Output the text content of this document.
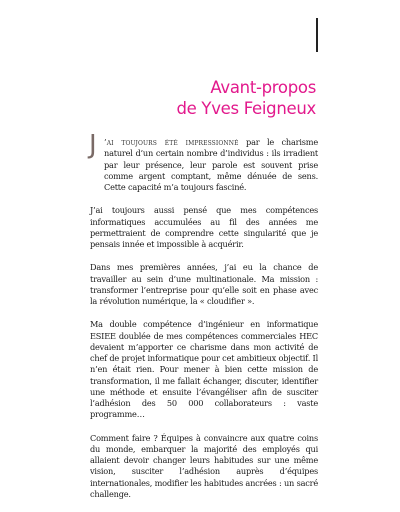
Avant-propos
de Yves Feigneux

J ’ai toujours été impressionné par le charisme naturel d’un certain nombre d’individus : ils irradient par leur présence, leur parole est souvent prise comme argent comptant, même dénuée de sens. Cette capacité m’a toujours fasciné.

J’ai toujours aussi pensé que mes compétences informatiques accumulées au fil des années me permettraient de comprendre cette singularité que je pensais innée et impossible à acquérir.

Dans mes premières années, j’ai eu la chance de travailler au sein d’une multinationale. Ma mission : transformer l’entreprise pour qu’elle soit en phase avec la révolution numérique, la « cloudifier ».

Ma double compétence d’ingénieur en informatique ESIEE doublée de mes compétences commerciales HEC devaient m’apporter ce charisme dans mon activité de chef de projet informatique pour cet ambitieux objectif. Il n’en était rien. Pour mener à bien cette mission de transformation, il me fallait échanger, discuter, identifier une méthode et ensuite l’évangéliser afin de susciter l’adhésion des 50 000 collaborateurs : vaste programme…

Comment faire ? Équipes à convaincre aux quatre coins du monde, embarquer la majorité des employés qui allaient devoir changer leurs habitudes sur une même vision, susciter l’adhésion auprès d’équipes internationales, modifier les habitudes ancrées : un sacré challenge.
